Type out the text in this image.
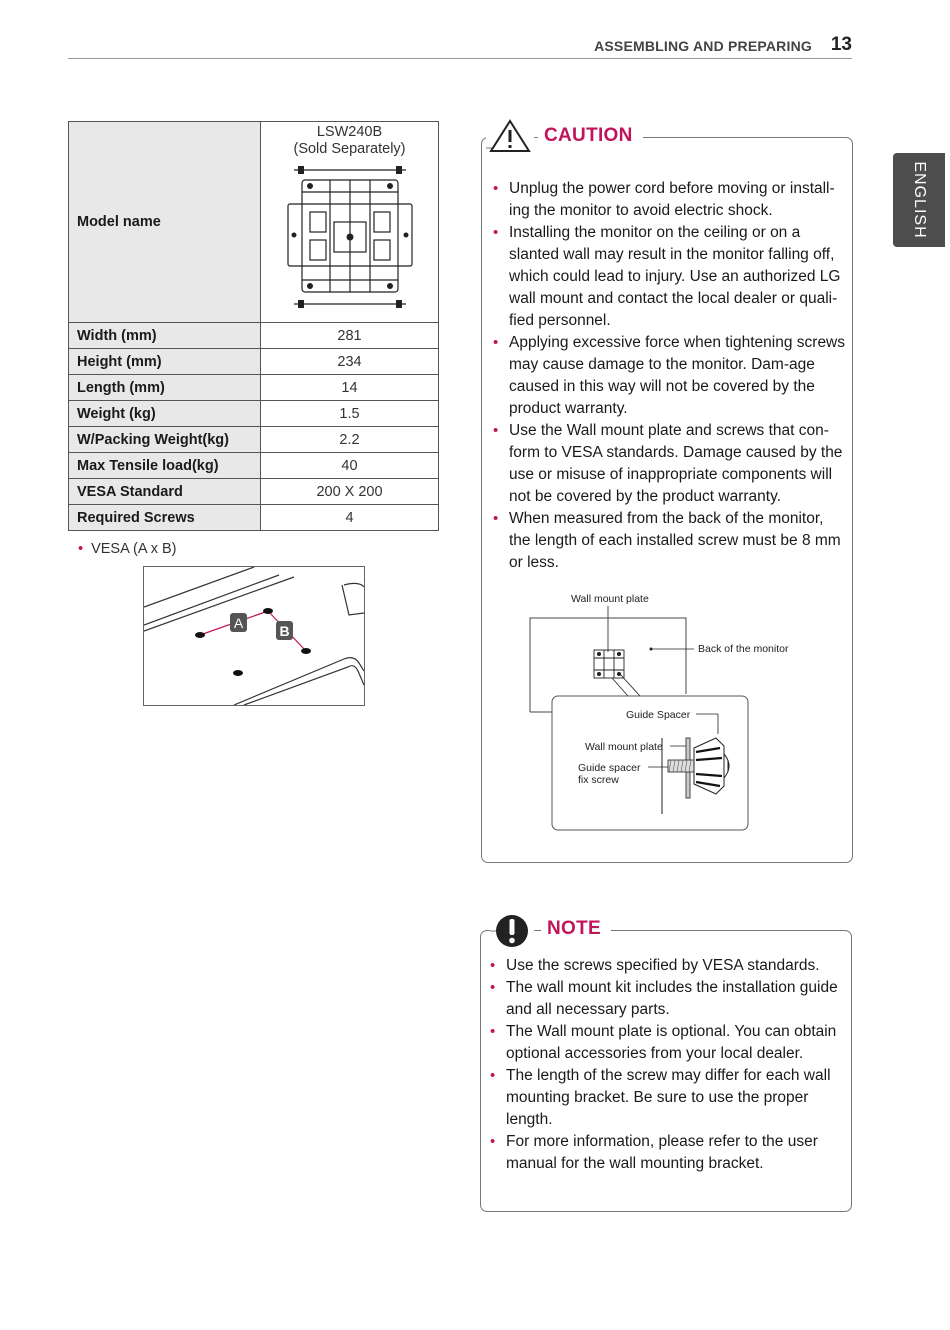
ASSEMBLING AND PREPARING 13
ENGLISH
Model name	LSW240B
(Sold Separately)

Width (mm)	281
Height (mm)	234
Length (mm)	14
Weight (kg)	1.5
W/Packing Weight(kg)	2.2
Max Tensile load(kg)	40
VESA Standard	200 X 200
Required Screws	4
• VESA (A x B)
A	B
CAUTION
• Unplug the power cord before moving or install-ing the monitor to avoid electric shock.
• Installing the monitor on the ceiling or on a slanted wall may result in the monitor falling off, which could lead to injury. Use an authorized LG wall mount and contact the local dealer or quali-fied personnel.
• Applying excessive force when tightening screws may cause damage to the monitor. Dam-age caused in this way will not be covered by the product warranty.
• Use the Wall mount plate and screws that con-form to VESA standards. Damage caused by the use or misuse of inappropriate components will not be covered by the product warranty.
• When measured from the back of the monitor, the length of each installed screw must be 8 mm or less.
Wall mount plate
Back of the monitor
Guide Spacer
Wall mount plate
Guide spacer
fix screw
NOTE
• Use the screws specified by VESA standards.
• The wall mount kit includes the installation guide and all necessary parts.
• The Wall mount plate is optional. You can obtain optional accessories from your local dealer.
• The length of the screw may differ for each wall mounting bracket. Be sure to use the proper length.
• For more information, please refer to the user manual for the wall mounting bracket.
